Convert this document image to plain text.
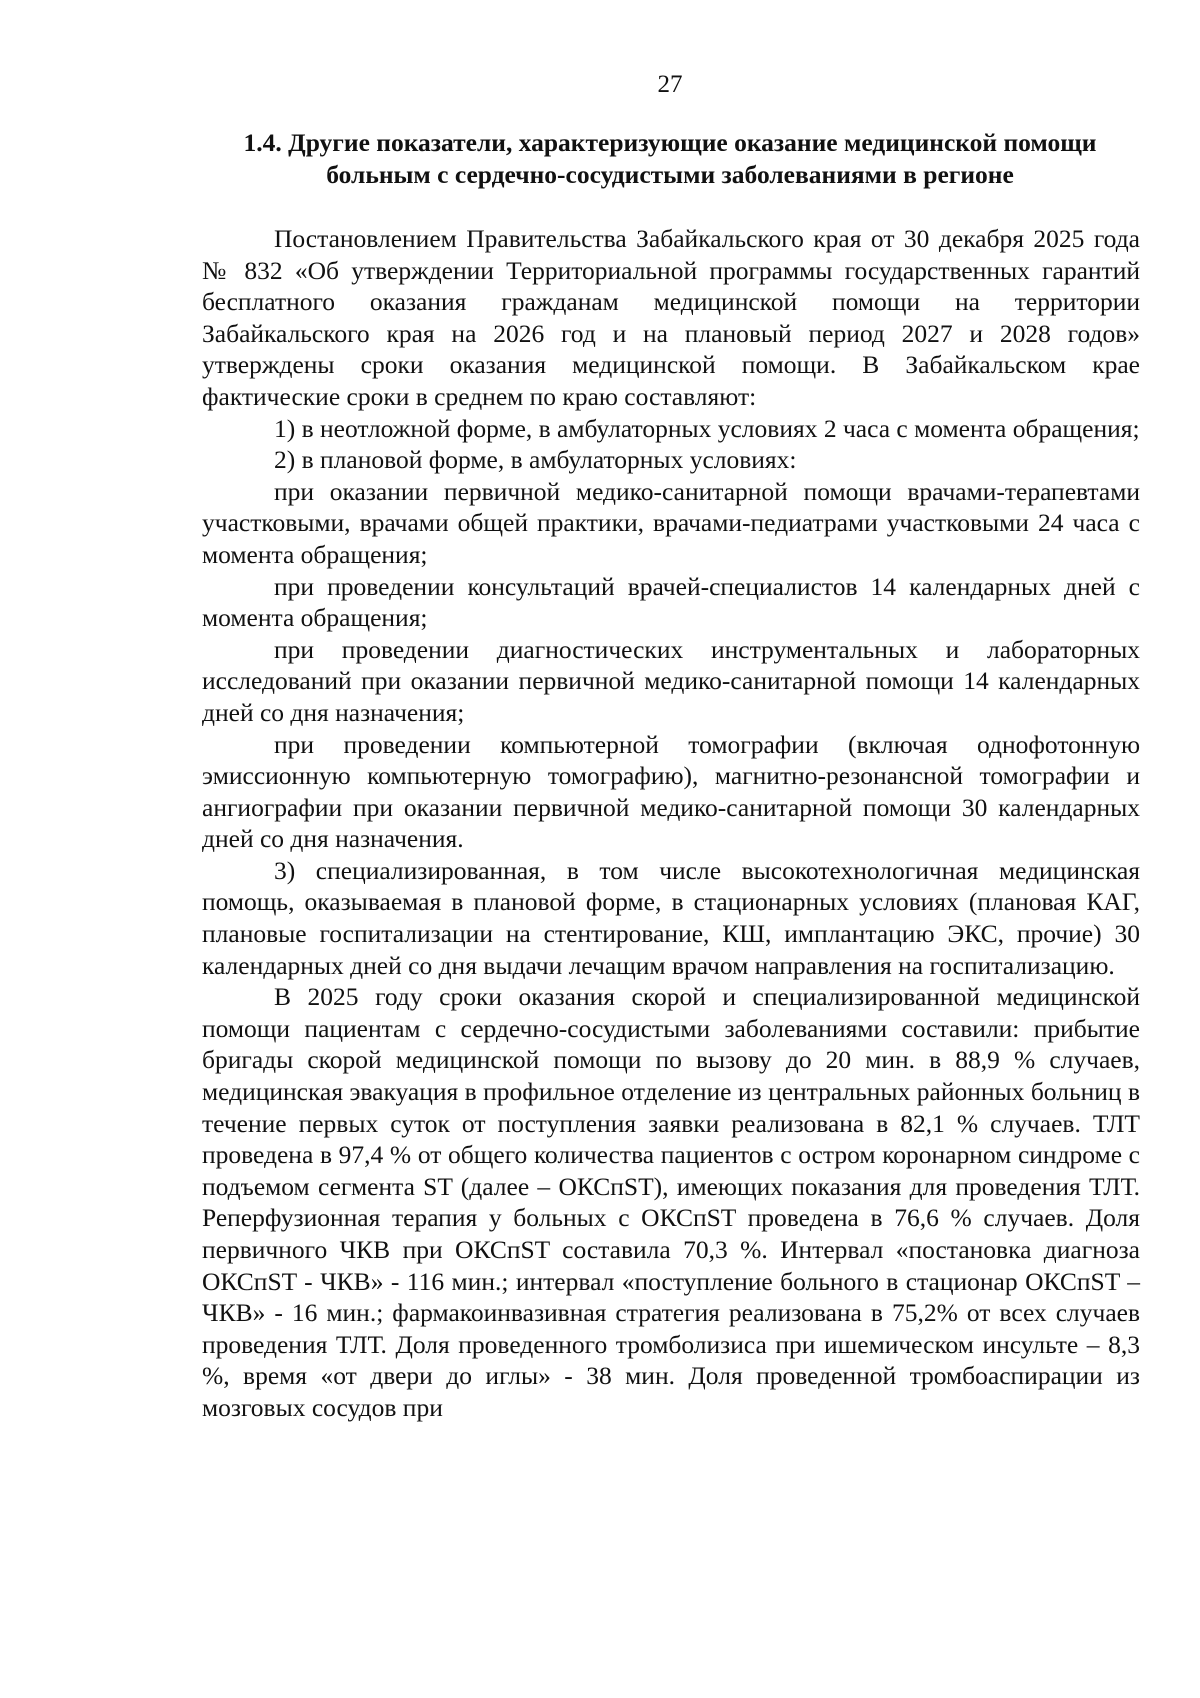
27
1.4. Другие показатели, характеризующие оказание медицинской помощи
больным с сердечно-сосудистыми заболеваниями в регионе

Постановлением Правительства Забайкальского края от 30 декабря 2025 года № 832 «Об утверждении Территориальной программы государственных гарантий бесплатного оказания гражданам медицинской помощи на территории Забайкальского края на 2026 год и на плановый период 2027 и 2028 годов» утверждены сроки оказания медицинской помощи. В Забайкальском крае фактические сроки в среднем по краю составляют:

1) в неотложной форме, в амбулаторных условиях 2 часа с момента обращения;

2) в плановой форме, в амбулаторных условиях:

при оказании первичной медико-санитарной помощи врачами-терапевтами участковыми, врачами общей практики, врачами-педиатрами участковыми 24 часа с момента обращения;

при проведении консультаций врачей-специалистов 14 календарных дней с момента обращения;

при проведении диагностических инструментальных и лабораторных исследований при оказании первичной медико-санитарной помощи 14 календарных дней со дня назначения;

при проведении компьютерной томографии (включая однофотонную эмиссионную компьютерную томографию), магнитно-резонансной томографии и ангиографии при оказании первичной медико-санитарной помощи 30 календарных дней со дня назначения.

3) специализированная, в том числе высокотехнологичная медицинская помощь, оказываемая в плановой форме, в стационарных условиях (плановая КАГ, плановые госпитализации на стентирование, КШ, имплантацию ЭКС, прочие) 30 календарных дней со дня выдачи лечащим врачом направления на госпитализацию.

В 2025 году сроки оказания скорой и специализированной медицинской помощи пациентам с сердечно-сосудистыми заболеваниями составили: прибытие бригады скорой медицинской помощи по вызову до 20 мин. в 88,9 % случаев, медицинская эвакуация в профильное отделение из центральных районных больниц в течение первых суток от поступления заявки реализована в 82,1 % случаев. ТЛТ проведена в 97,4 % от общего количества пациентов с остром коронарном синдроме с подъемом сегмента ST (далее – ОКСпST), имеющих показания для проведения ТЛТ. Реперфузионная терапия у больных с ОКСпST проведена в 76,6 % случаев. Доля первичного ЧКВ при ОКСпST составила 70,3 %. Интервал «постановка диагноза ОКСпST - ЧКВ» - 116 мин.; интервал «поступление больного в стационар ОКСпST – ЧКВ» - 16 мин.; фармакоинвазивная стратегия реализована в 75,2% от всех случаев проведения ТЛТ. Доля проведенного тромболизиса при ишемическом инсульте – 8,3 %, время «от двери до иглы» - 38 мин. Доля проведенной тромбоаспирации из мозговых сосудов при
